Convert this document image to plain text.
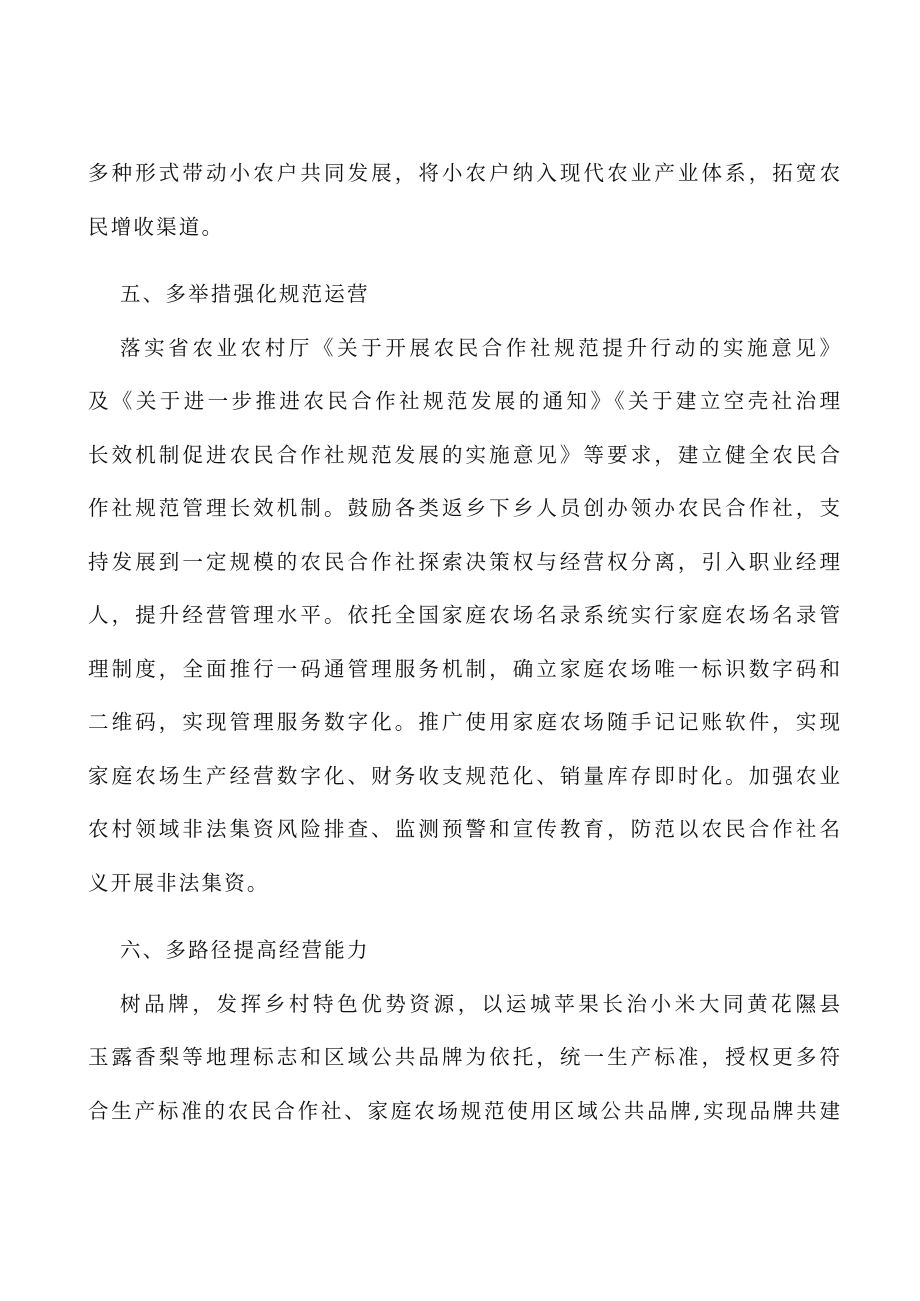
多种形式带动小农户共同发展，将小农户纳入现代农业产业体系，拓宽农
民增收渠道。
五、多举措强化规范运营
落实省农业农村厅《关于开展农民合作社规范提升行动的实施意见》
及《关于进一步推进农民合作社规范发展的通知》《关于建立空壳社治理
长效机制促进农民合作社规范发展的实施意见》等要求，建立健全农民合
作社规范管理长效机制。鼓励各类返乡下乡人员创办领办农民合作社，支
持发展到一定规模的农民合作社探索决策权与经营权分离，引入职业经理
人，提升经营管理水平。依托全国家庭农场名录系统实行家庭农场名录管
理制度，全面推行一码通管理服务机制，确立家庭农场唯一标识数字码和
二维码，实现管理服务数字化。推广使用家庭农场随手记记账软件，实现
家庭农场生产经营数字化、财务收支规范化、销量库存即时化。加强农业
农村领域非法集资风险排查、监测预警和宣传教育，防范以农民合作社名
义开展非法集资。
六、多路径提高经营能力
树品牌，发挥乡村特色优势资源，以运城苹果长治小米大同黄花隰县
玉露香梨等地理标志和区域公共品牌为依托，统一生产标准，授权更多符
合生产标准的农民合作社、家庭农场规范使用区域公共品牌,实现品牌共建
